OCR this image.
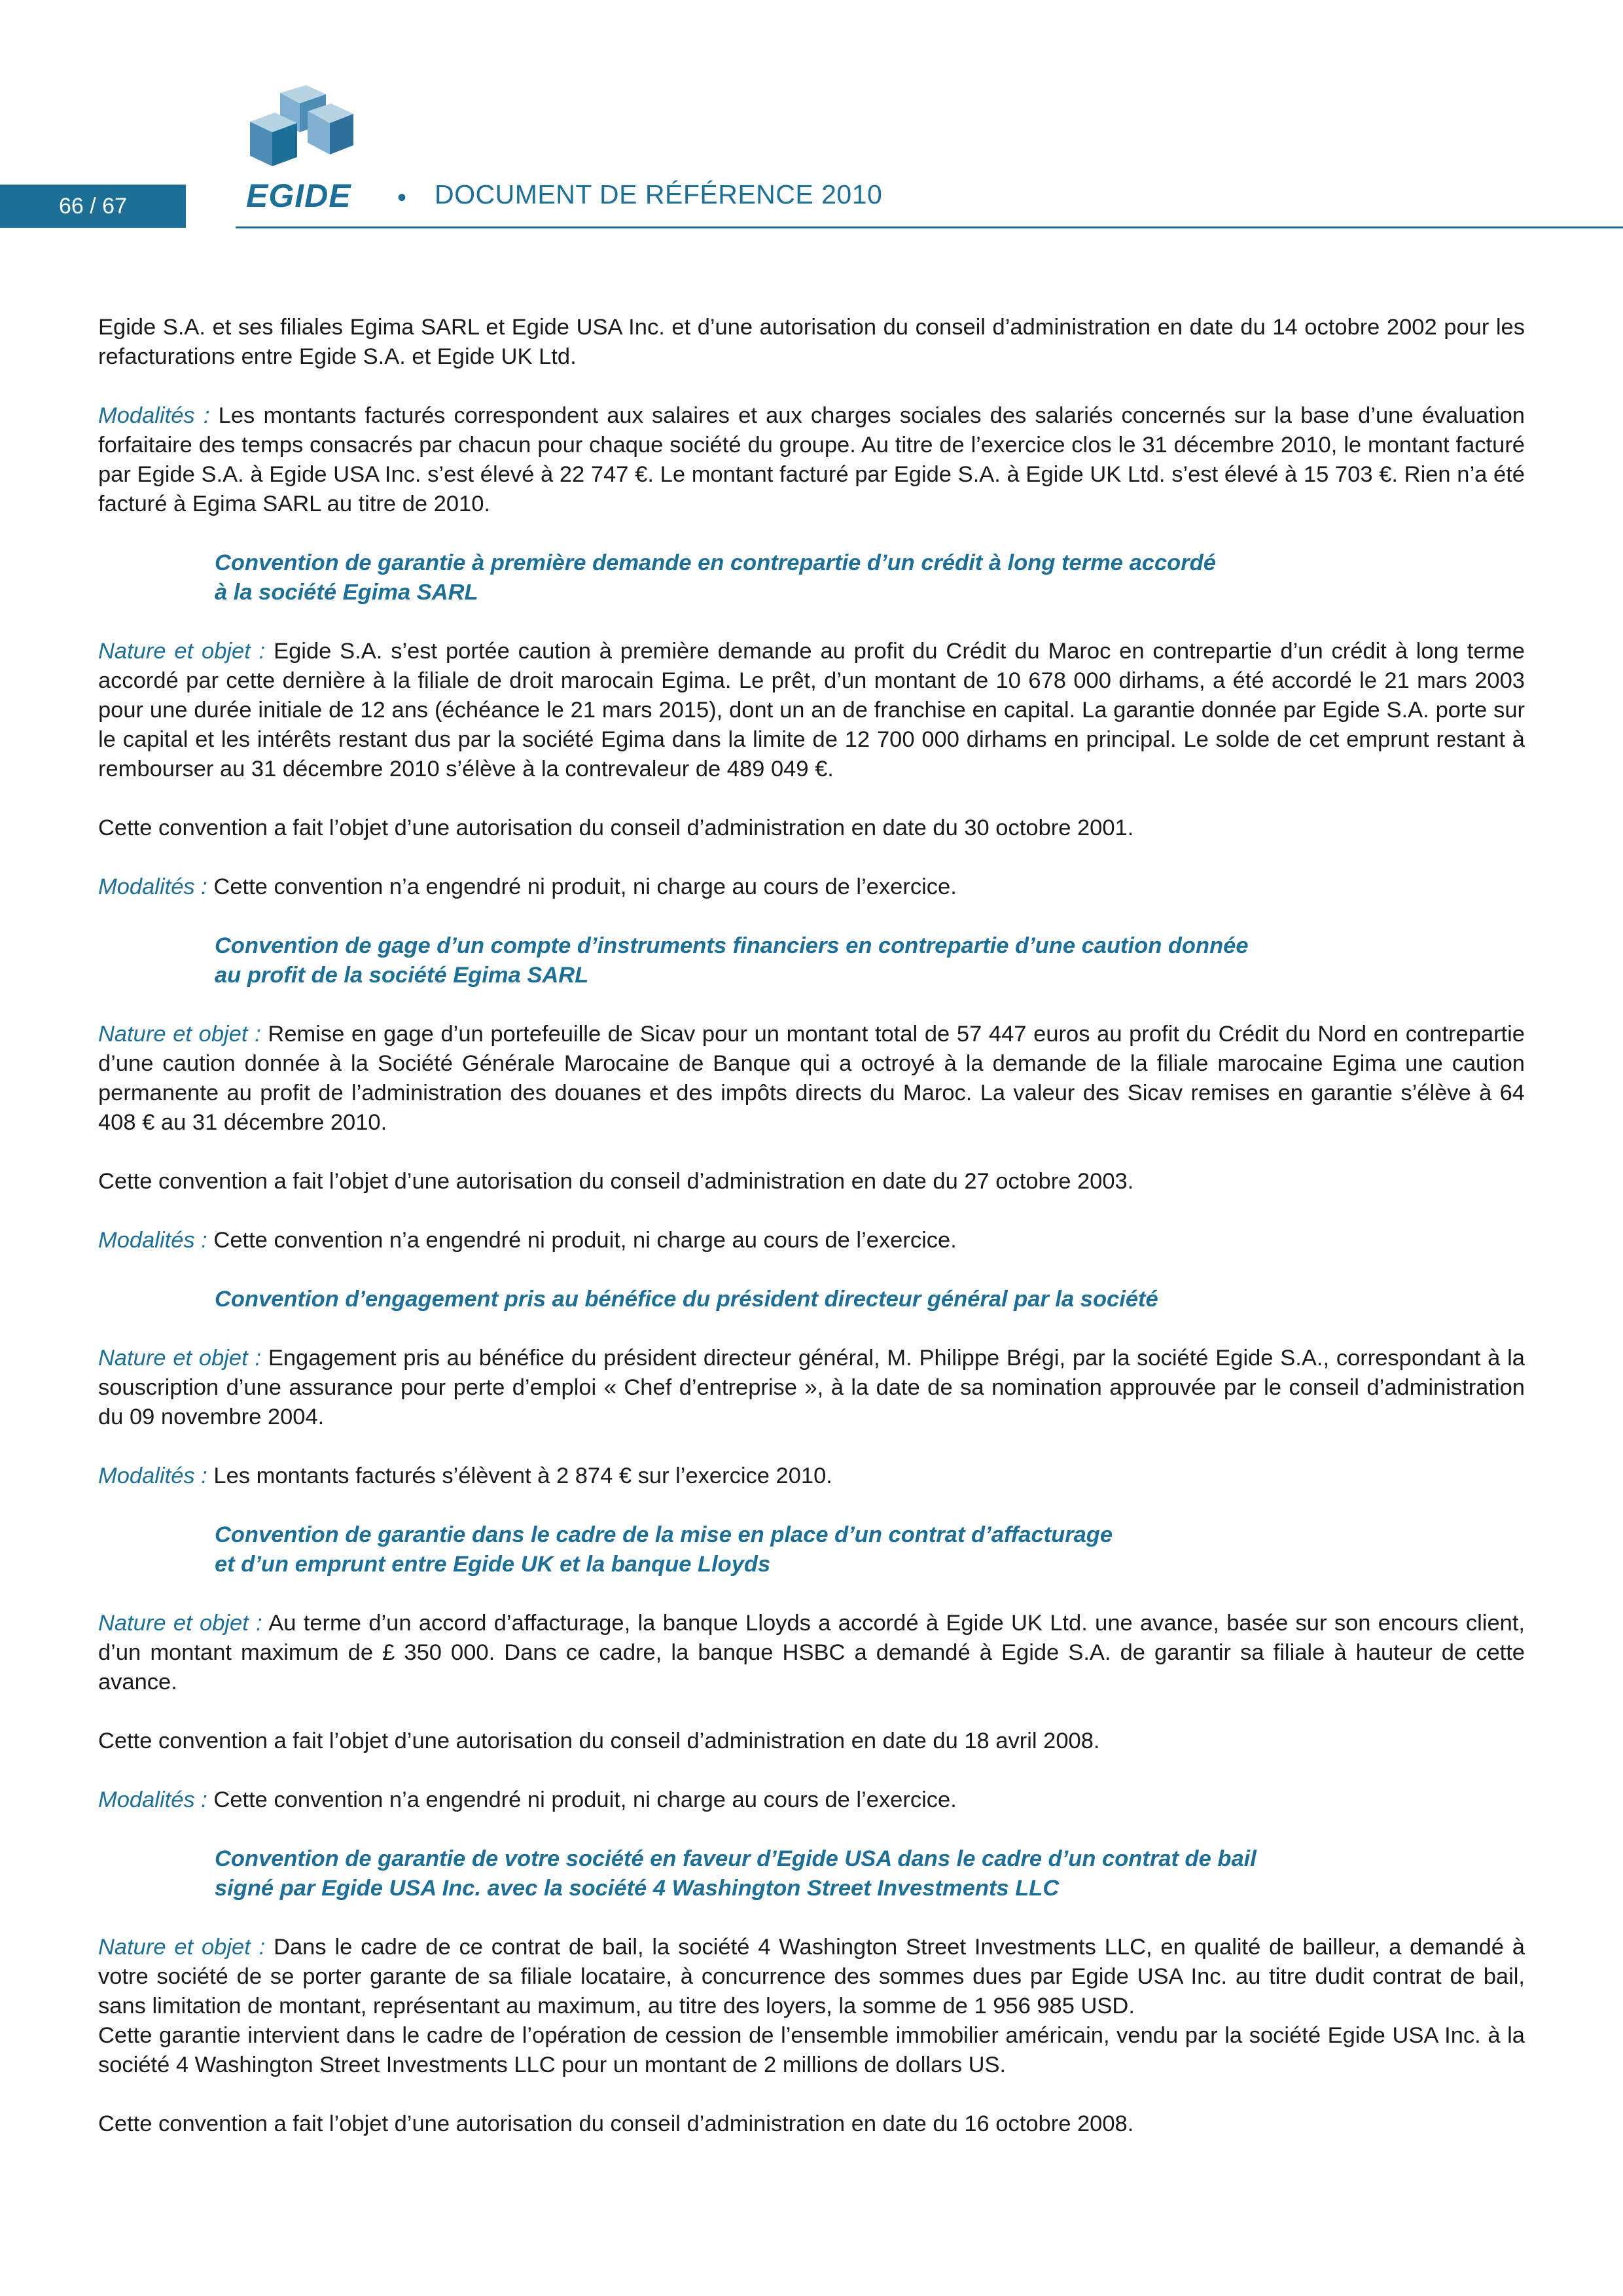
66 / 67	EGIDE • DOCUMENT DE RÉFÉRENCE 2010

Egide S.A. et ses filiales Egima SARL et Egide USA Inc. et d’une autorisation du conseil d’administration en date du 14 octobre 2002 pour les refacturations entre Egide S.A. et Egide UK Ltd.

Modalités : Les montants facturés correspondent aux salaires et aux charges sociales des salariés concernés sur la base d’une évaluation forfaitaire des temps consacrés par chacun pour chaque société du groupe. Au titre de l’exercice clos le 31 décembre 2010, le montant facturé par Egide S.A. à Egide USA Inc. s’est élevé à 22 747 €. Le montant facturé par Egide S.A. à Egide UK Ltd. s’est élevé à 15 703 €. Rien n’a été facturé à Egima SARL au titre de 2010.

Convention de garantie à première demande en contrepartie d’un crédit à long terme accordé
à la société Egima SARL

Nature et objet : Egide S.A. s’est portée caution à première demande au profit du Crédit du Maroc en contrepartie d’un crédit à long terme accordé par cette dernière à la filiale de droit marocain Egima. Le prêt, d’un montant de 10 678 000 dirhams, a été accordé le 21 mars 2003 pour une durée initiale de 12 ans (échéance le 21 mars 2015), dont un an de franchise en capital. La garantie donnée par Egide S.A. porte sur le capital et les intérêts restant dus par la société Egima dans la limite de 12 700 000 dirhams en principal. Le solde de cet emprunt restant à rembourser au 31 décembre 2010 s’élève à la contrevaleur de 489 049 €.

Cette convention a fait l’objet d’une autorisation du conseil d’administration en date du 30 octobre 2001.

Modalités : Cette convention n’a engendré ni produit, ni charge au cours de l’exercice.

Convention de gage d’un compte d’instruments financiers en contrepartie d’une caution donnée
au profit de la société Egima SARL

Nature et objet : Remise en gage d’un portefeuille de Sicav pour un montant total de 57 447 euros au profit du Crédit du Nord en contrepartie d’une caution donnée à la Société Générale Marocaine de Banque qui a octroyé à la demande de la filiale marocaine Egima une caution permanente au profit de l’administration des douanes et des impôts directs du Maroc. La valeur des Sicav remises en garantie s’élève à 64 408 € au 31 décembre 2010.

Cette convention a fait l’objet d’une autorisation du conseil d’administration en date du 27 octobre 2003.

Modalités : Cette convention n’a engendré ni produit, ni charge au cours de l’exercice.

Convention d’engagement pris au bénéfice du président directeur général par la société

Nature et objet : Engagement pris au bénéfice du président directeur général, M. Philippe Brégi, par la société Egide S.A., correspondant à la souscription d’une assurance pour perte d’emploi « Chef d’entreprise », à la date de sa nomination approuvée par le conseil d’administration du 09 novembre 2004.

Modalités : Les montants facturés s’élèvent à 2 874 € sur l’exercice 2010.

Convention de garantie dans le cadre de la mise en place d’un contrat d’affacturage
et d’un emprunt entre Egide UK et la banque Lloyds

Nature et objet : Au terme d’un accord d’affacturage, la banque Lloyds a accordé à Egide UK Ltd. une avance, basée sur son encours client, d’un montant maximum de £ 350 000. Dans ce cadre, la banque HSBC a demandé à Egide S.A. de garantir sa filiale à hauteur de cette avance.

Cette convention a fait l’objet d’une autorisation du conseil d’administration en date du 18 avril 2008.

Modalités : Cette convention n’a engendré ni produit, ni charge au cours de l’exercice.

Convention de garantie de votre société en faveur d’Egide USA dans le cadre d’un contrat de bail
signé par Egide USA Inc. avec la société 4 Washington Street Investments LLC

Nature et objet : Dans le cadre de ce contrat de bail, la société 4 Washington Street Investments LLC, en qualité de bailleur, a demandé à votre société de se porter garante de sa filiale locataire, à concurrence des sommes dues par Egide USA Inc. au titre dudit contrat de bail, sans limitation de montant, représentant au maximum, au titre des loyers, la somme de 1 956 985 USD.

Cette garantie intervient dans le cadre de l’opération de cession de l’ensemble immobilier américain, vendu par la société Egide USA Inc. à la société 4 Washington Street Investments LLC pour un montant de 2 millions de dollars US.

Cette convention a fait l’objet d’une autorisation du conseil d’administration en date du 16 octobre 2008.
